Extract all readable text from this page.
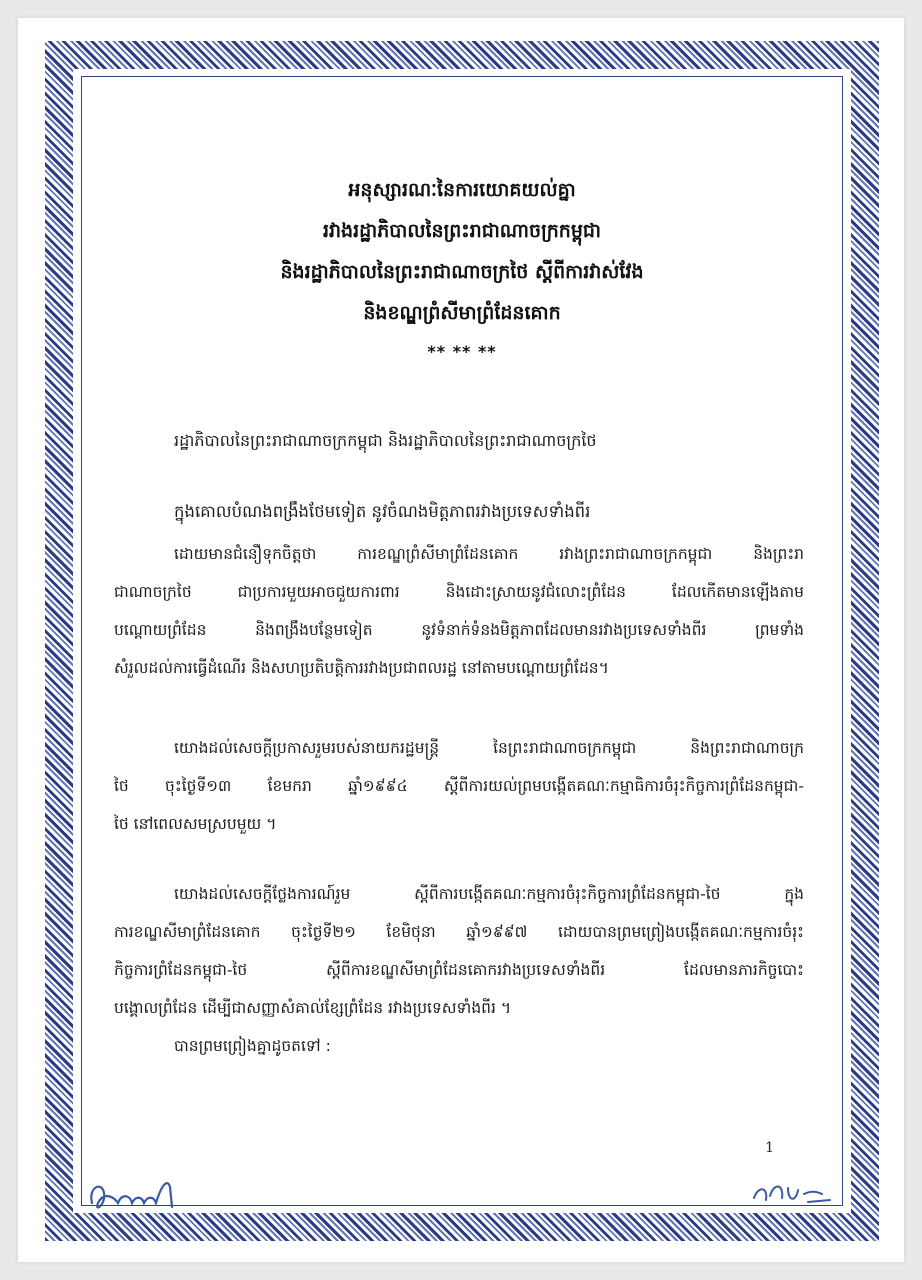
អនុស្សារណៈនៃការយោគយល់គ្នា
រវាងរដ្ឋាភិបាលនៃព្រះរាជាណាចក្រកម្ពុជា
និងរដ្ឋាភិបាលនៃព្រះរាជាណាចក្រថៃ ស្តីពីការវាស់វែង
និងខណ្ឌព្រំសីមាព្រំដែនគោក
** ** **
រដ្ឋាភិបាលនៃព្រះរាជាណាចក្រកម្ពុជា និងរដ្ឋាភិបាលនៃព្រះរាជាណាចក្រថៃ
ក្នុងគោលបំណងពង្រឹងថែមទៀត នូវចំណងមិត្តភាពរវាងប្រទេសទាំងពីរ
ដោយមានជំនឿទុកចិត្តថា ការខណ្ឌព្រំសីមាព្រំដែនគោក រវាងព្រះរាជាណាចក្រកម្ពុជា និងព្រះរា
ជាណាចក្រថៃ ជាប្រការមួយអាចជួយការពារ និងដោះស្រាយនូវជំលោះព្រំដែន ដែលកើតមានឡើងតាម
បណ្តោយព្រំដែន និងពង្រឹងបន្ថែមទៀត នូវទំនាក់ទំនងមិត្តភាពដែលមានរវាងប្រទេសទាំងពីរ ព្រមទាំង
សំរួលដល់ការធ្វើដំណើរ និងសហប្រតិបត្តិការរវាងប្រជាពលរដ្ឋ នៅតាមបណ្តោយព្រំដែន។
យោងដល់សេចក្តីប្រកាសរួមរបស់នាយករដ្ឋមន្ត្រី នៃព្រះរាជាណាចក្រកម្ពុជា និងព្រះរាជាណាចក្រ
ថៃ ចុះថ្ងៃទី១៣ ខែមករា ឆ្នាំ១៩៩៤ ស្តីពីការយល់ព្រមបង្កើតគណៈកម្មាធិការចំរុះកិច្ចការព្រំដែនកម្ពុជា-
ថៃ នៅពេលសមស្របមួយ ។
យោងដល់សេចក្តីថ្លែងការណ៍រួម ស្តីពីការបង្កើតគណៈកម្មការចំរុះកិច្ចការព្រំដែនកម្ពុជា-ថៃ ក្នុង
ការខណ្ឌសីមាព្រំដែនគោក ចុះថ្ងៃទី២១ ខែមិថុនា ឆ្នាំ១៩៩៧ ដោយបានព្រមព្រៀងបង្កើតគណៈកម្មការចំរុះ
កិច្ចការព្រំដែនកម្ពុជា-ថៃ ស្តីពីការខណ្ឌសីមាព្រំដែនគោករវាងប្រទេសទាំងពីរ ដែលមានភារកិច្ចបោះ
បង្គោលព្រំដែន ដើម្បីជាសញ្ញាសំគាល់ខ្សែព្រំដែន រវាងប្រទេសទាំងពីរ ។
បានព្រមព្រៀងគ្នាដូចតទៅ :
1
